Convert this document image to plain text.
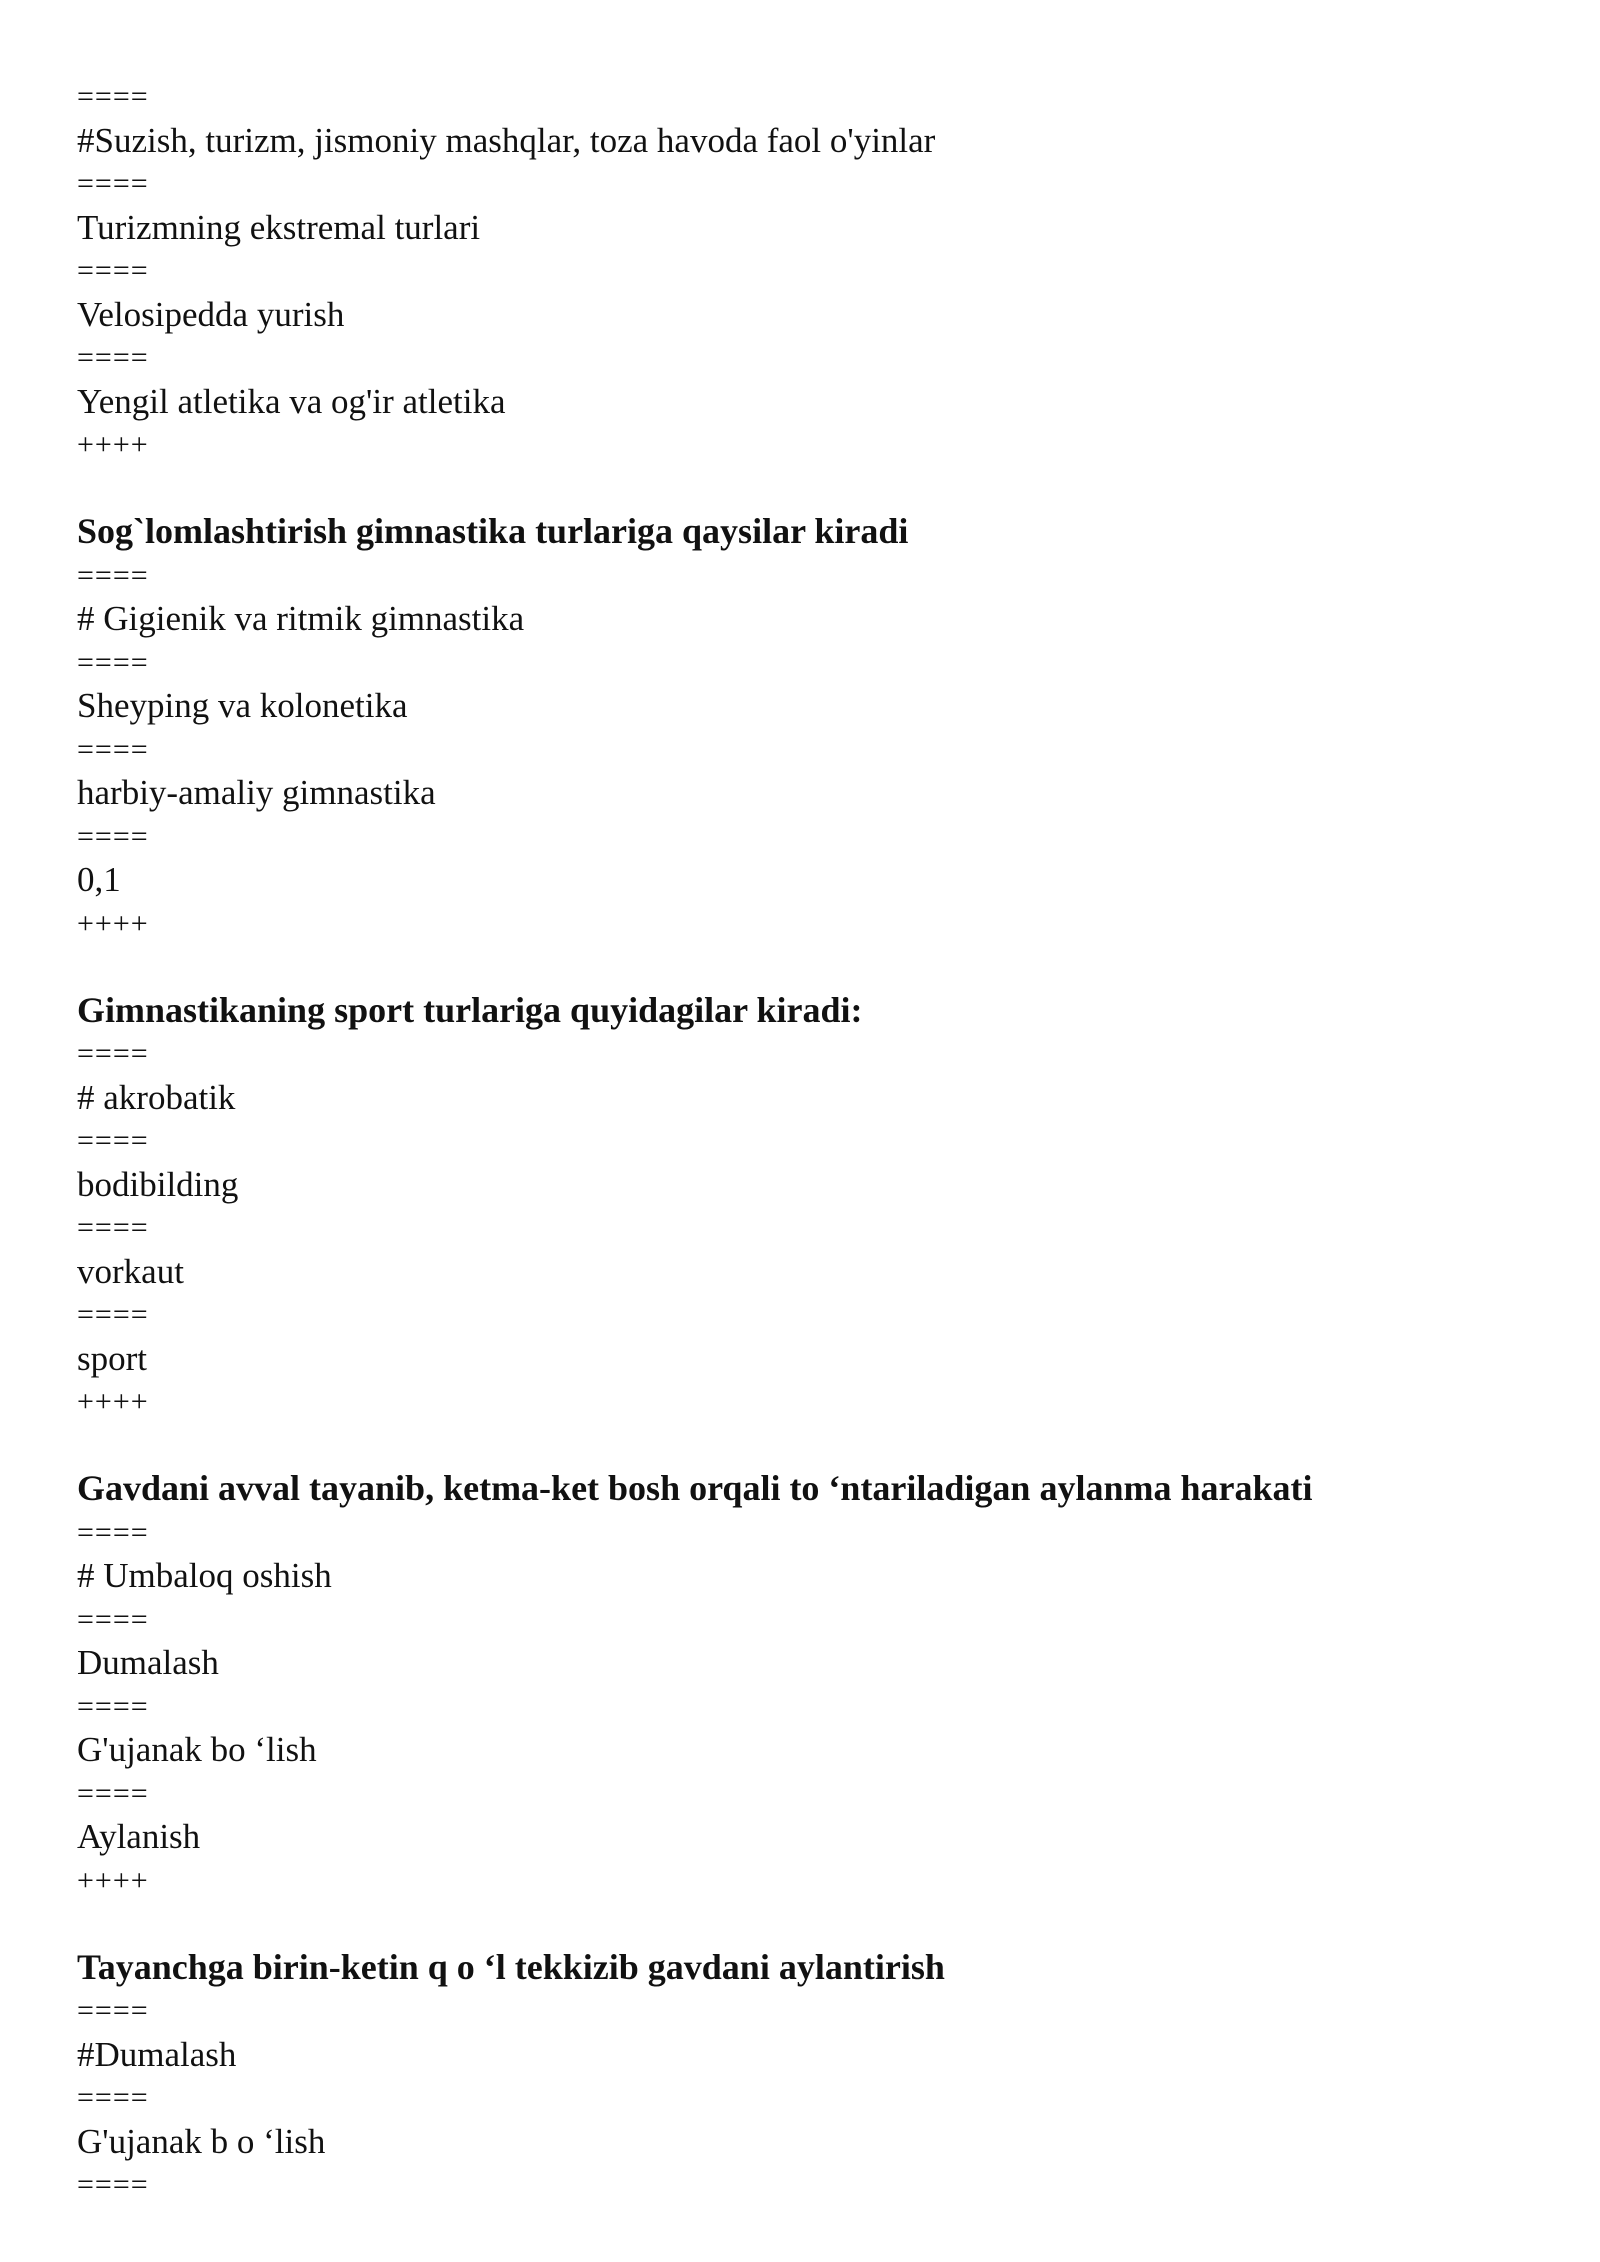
====
#Suzish, turizm, jismoniy mashqlar, toza havoda faol o'yinlar
====
Turizmning ekstremal turlari
====
Velosipedda yurish
====
Yengil atletika va og'ir atletika
++++
Sog`lomlashtirish gimnastika turlariga qaysilar kiradi
====
# Gigienik va ritmik gimnastika
====
Sheyping va kolonetika
====
harbiy-amaliy gimnastika
====
0,1
++++
Gimnastikaning sport turlariga quyidagilar kiradi:
====
# akrobatik
====
bodibilding
====
vorkaut
====
sport
++++
Gavdani avval tayanib, ketma-ket bosh orqali to ʻntariladigan aylanma harakati
====
# Umbaloq oshish
====
Dumalash
====
G'ujanak bo ʻlish
====
Aylanish
++++
Tayanchga birin-ketin q o ʻl tekkizib gavdani aylantirish
====
#Dumalash
====
G'ujanak b o ʻlish
====
